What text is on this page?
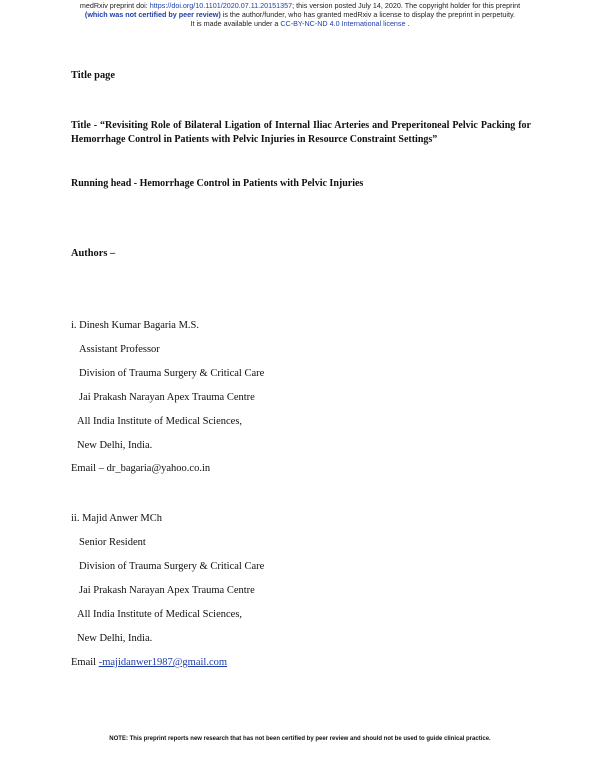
medRxiv preprint doi: https://doi.org/10.1101/2020.07.11.20151357; this version posted July 14, 2020. The copyright holder for this preprint
(which was not certified by peer review) is the author/funder, who has granted medRxiv a license to display the preprint in perpetuity.
It is made available under a CC-BY-NC-ND 4.0 International license .
Title page
Title - “Revisiting Role of Bilateral Ligation of Internal Iliac Arteries and Preperitoneal Pelvic Packing for Hemorrhage Control in Patients with Pelvic Injuries in Resource Constraint Settings”
Running head - Hemorrhage Control in Patients with Pelvic Injuries
Authors –
i. Dinesh Kumar Bagaria M.S.
Assistant Professor
Division of Trauma Surgery & Critical Care
Jai Prakash Narayan Apex Trauma Centre
All India Institute of Medical Sciences,
New Delhi, India.
Email – dr_bagaria@yahoo.co.in
ii. Majid Anwer MCh
Senior Resident
Division of Trauma Surgery & Critical Care
Jai Prakash Narayan Apex Trauma Centre
All India Institute of Medical Sciences,
New Delhi, India.
Email -majidanwer1987@gmail.com
NOTE: This preprint reports new research that has not been certified by peer review and should not be used to guide clinical practice.
